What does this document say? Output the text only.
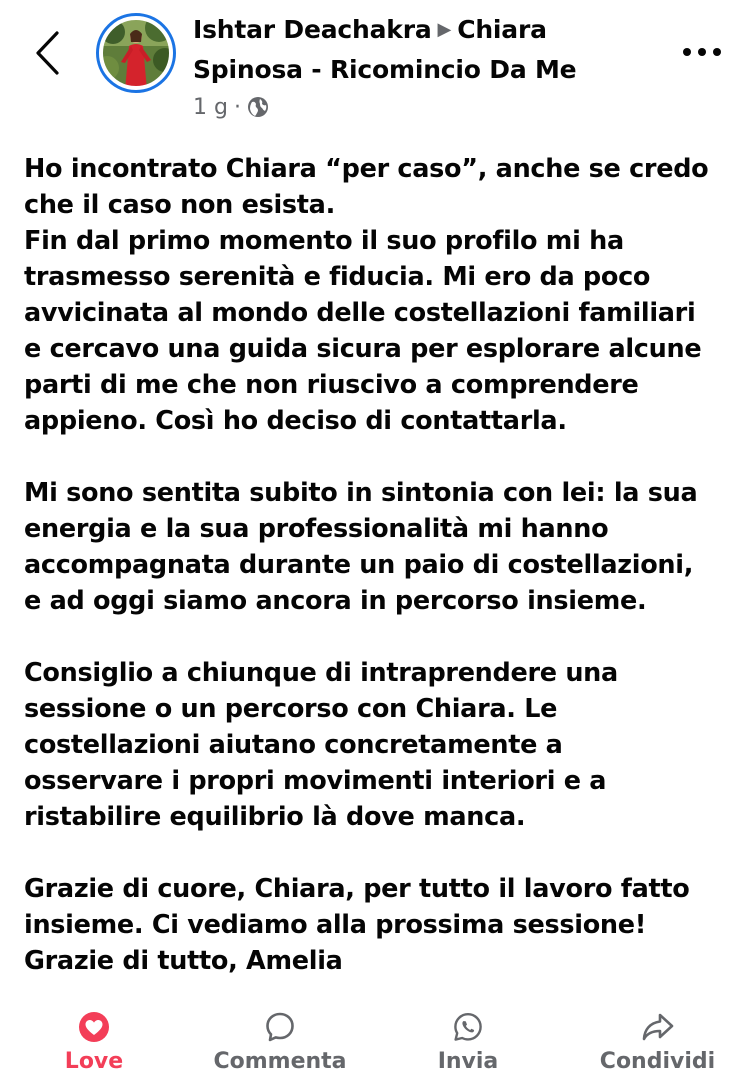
Ishtar Deachakra ▶ Chiara Spinosa - Ricomincio Da Me
1 g ·

Ho incontrato Chiara “per caso”, anche se credo
che il caso non esista.
Fin dal primo momento il suo profilo mi ha
trasmesso serenità e fiducia. Mi ero da poco
avvicinata al mondo delle costellazioni familiari
e cercavo una guida sicura per esplorare alcune
parti di me che non riuscivo a comprendere
appieno. Così ho deciso di contattarla.

Mi sono sentita subito in sintonia con lei: la sua
energia e la sua professionalità mi hanno
accompagnata durante un paio di costellazioni,
e ad oggi siamo ancora in percorso insieme.

Consiglio a chiunque di intraprendere una
sessione o un percorso con Chiara. Le
costellazioni aiutano concretamente a
osservare i propri movimenti interiori e a
ristabilire equilibrio là dove manca.

Grazie di cuore, Chiara, per tutto il lavoro fatto
insieme. Ci vediamo alla prossima sessione!
Grazie di tutto, Amelia

Love	Commenta	Invia	Condividi
